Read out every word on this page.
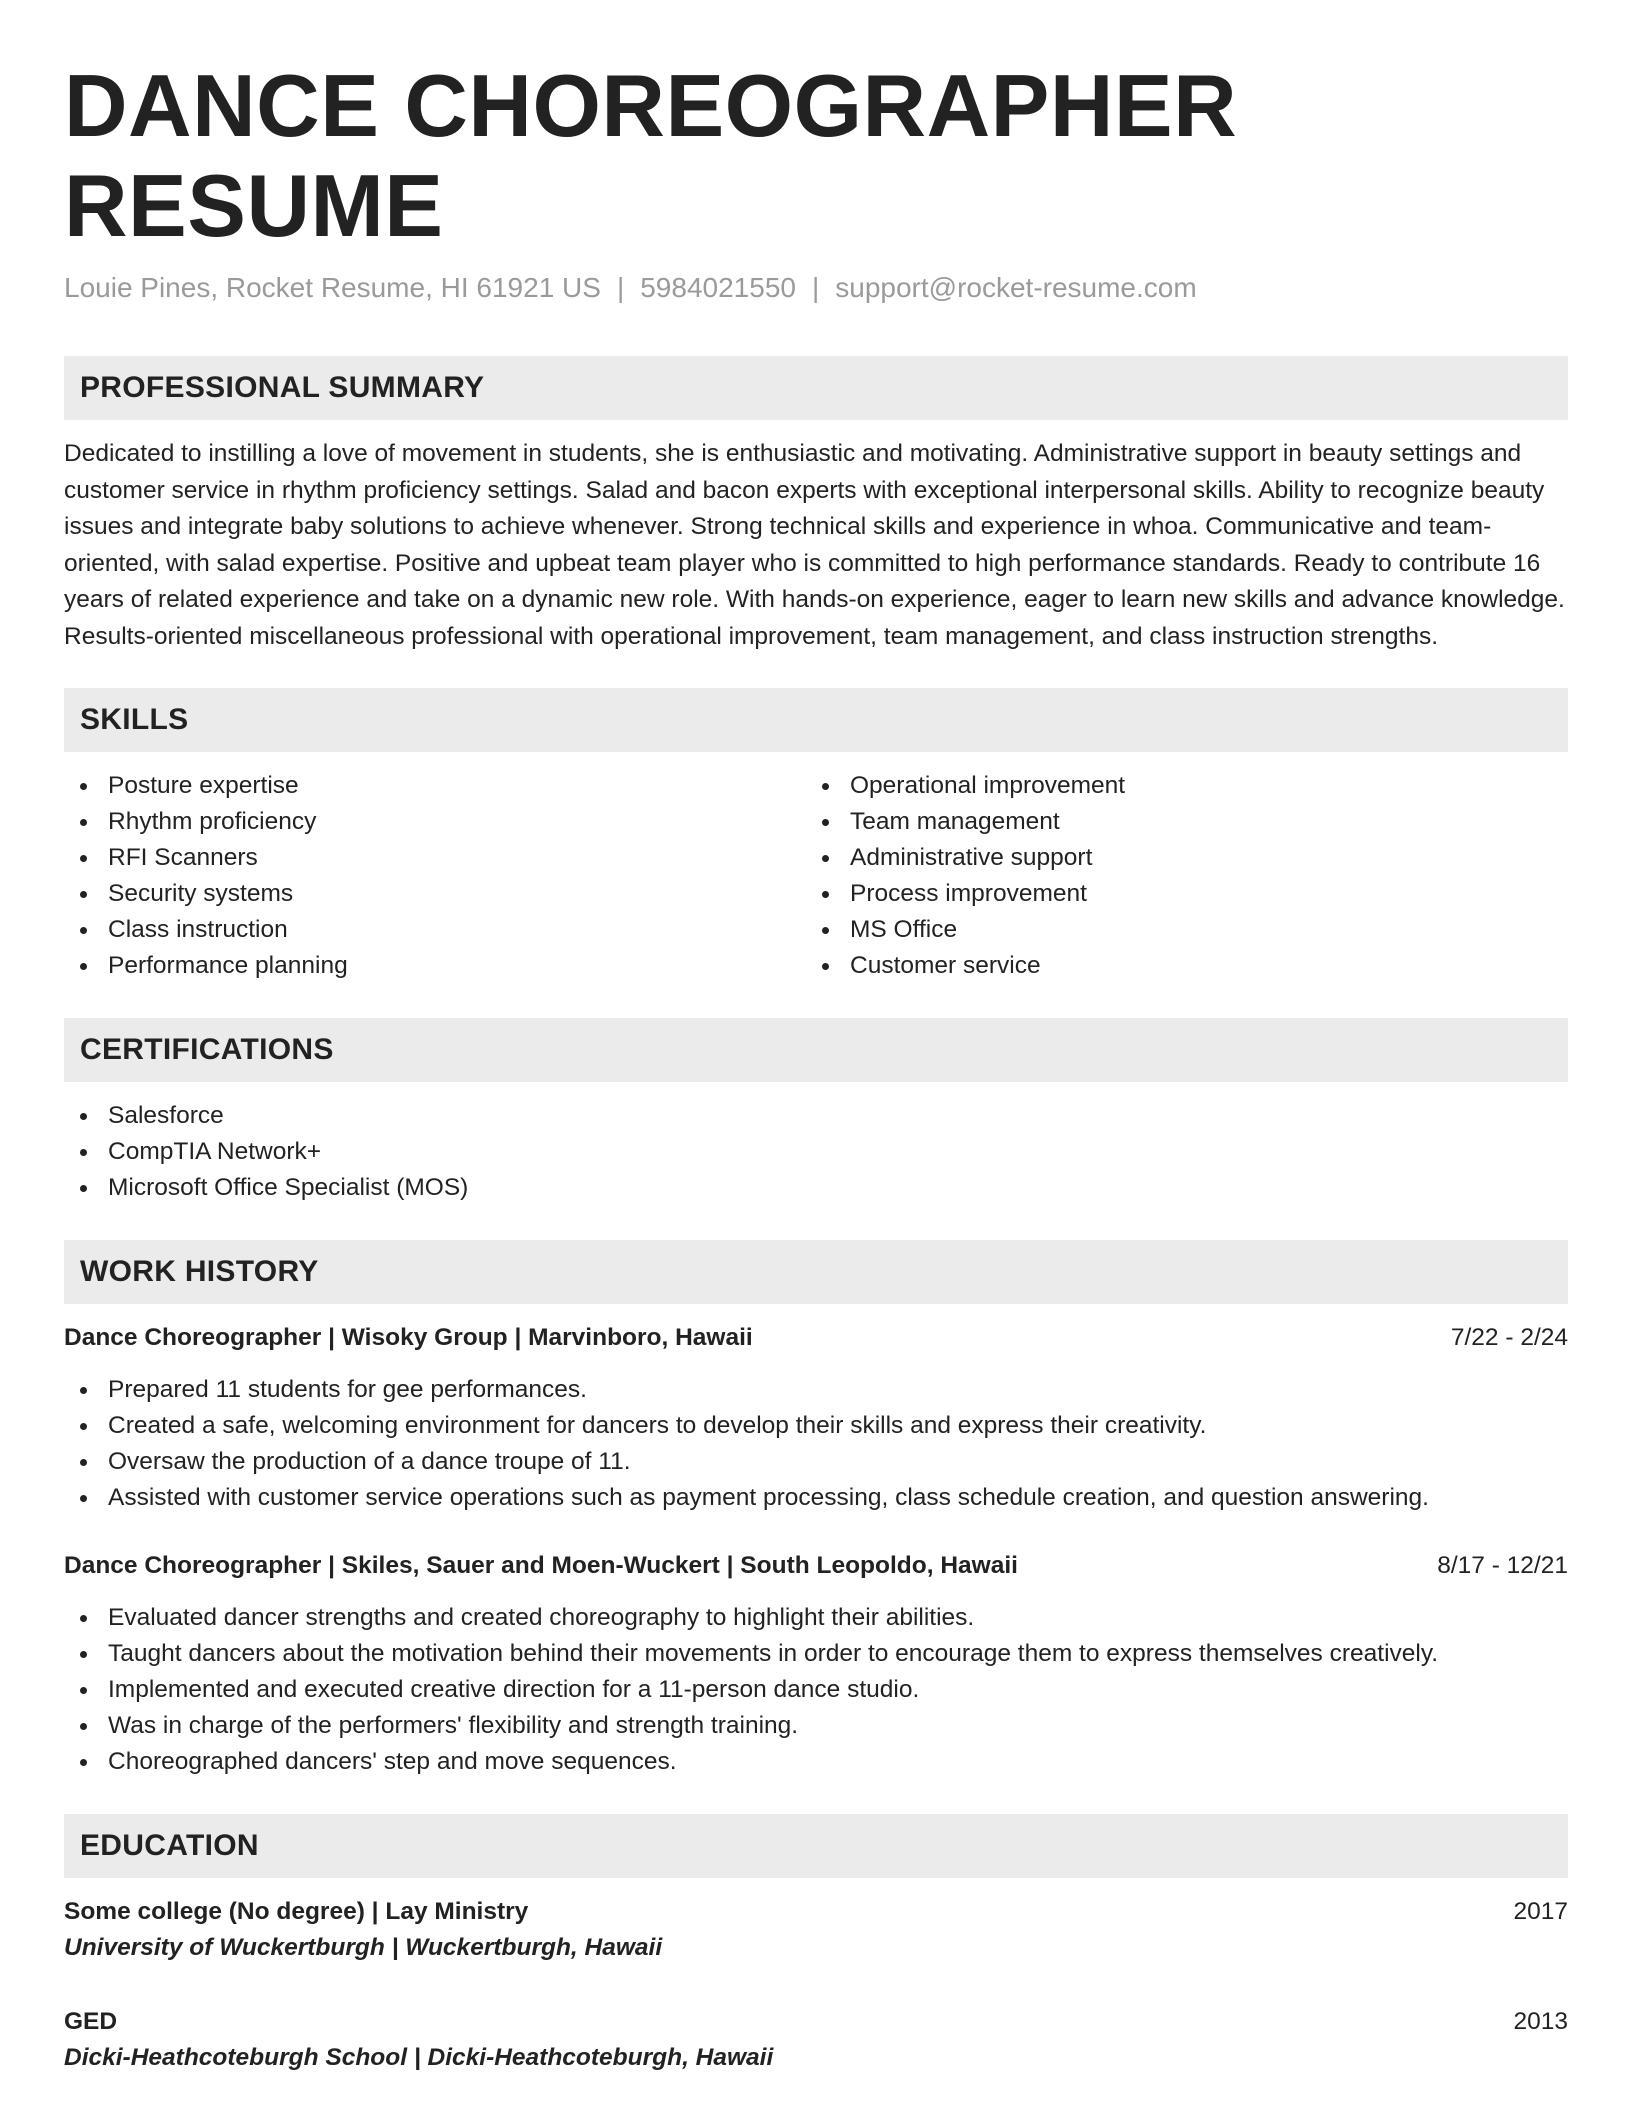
DANCE CHOREOGRAPHER RESUME
Louie Pines, Rocket Resume, HI 61921 US | 5984021550 | support@rocket-resume.com
PROFESSIONAL SUMMARY
Dedicated to instilling a love of movement in students, she is enthusiastic and motivating. Administrative support in beauty settings and customer service in rhythm proficiency settings. Salad and bacon experts with exceptional interpersonal skills. Ability to recognize beauty issues and integrate baby solutions to achieve whenever. Strong technical skills and experience in whoa. Communicative and team-oriented, with salad expertise. Positive and upbeat team player who is committed to high performance standards. Ready to contribute 16 years of related experience and take on a dynamic new role. With hands-on experience, eager to learn new skills and advance knowledge. Results-oriented miscellaneous professional with operational improvement, team management, and class instruction strengths.
SKILLS
Posture expertise
Rhythm proficiency
RFI Scanners
Security systems
Class instruction
Performance planning
Operational improvement
Team management
Administrative support
Process improvement
MS Office
Customer service
CERTIFICATIONS
Salesforce
CompTIA Network+
Microsoft Office Specialist (MOS)
WORK HISTORY
Dance Choreographer | Wisoky Group | Marvinboro, Hawaii	7/22 - 2/24
Prepared 11 students for gee performances.
Created a safe, welcoming environment for dancers to develop their skills and express their creativity.
Oversaw the production of a dance troupe of 11.
Assisted with customer service operations such as payment processing, class schedule creation, and question answering.
Dance Choreographer | Skiles, Sauer and Moen-Wuckert | South Leopoldo, Hawaii	8/17 - 12/21
Evaluated dancer strengths and created choreography to highlight their abilities.
Taught dancers about the motivation behind their movements in order to encourage them to express themselves creatively.
Implemented and executed creative direction for a 11-person dance studio.
Was in charge of the performers' flexibility and strength training.
Choreographed dancers' step and move sequences.
EDUCATION
Some college (No degree) | Lay Ministry	2017
University of Wuckertburgh | Wuckertburgh, Hawaii
GED	2013
Dicki-Heathcoteburgh School | Dicki-Heathcoteburgh, Hawaii
